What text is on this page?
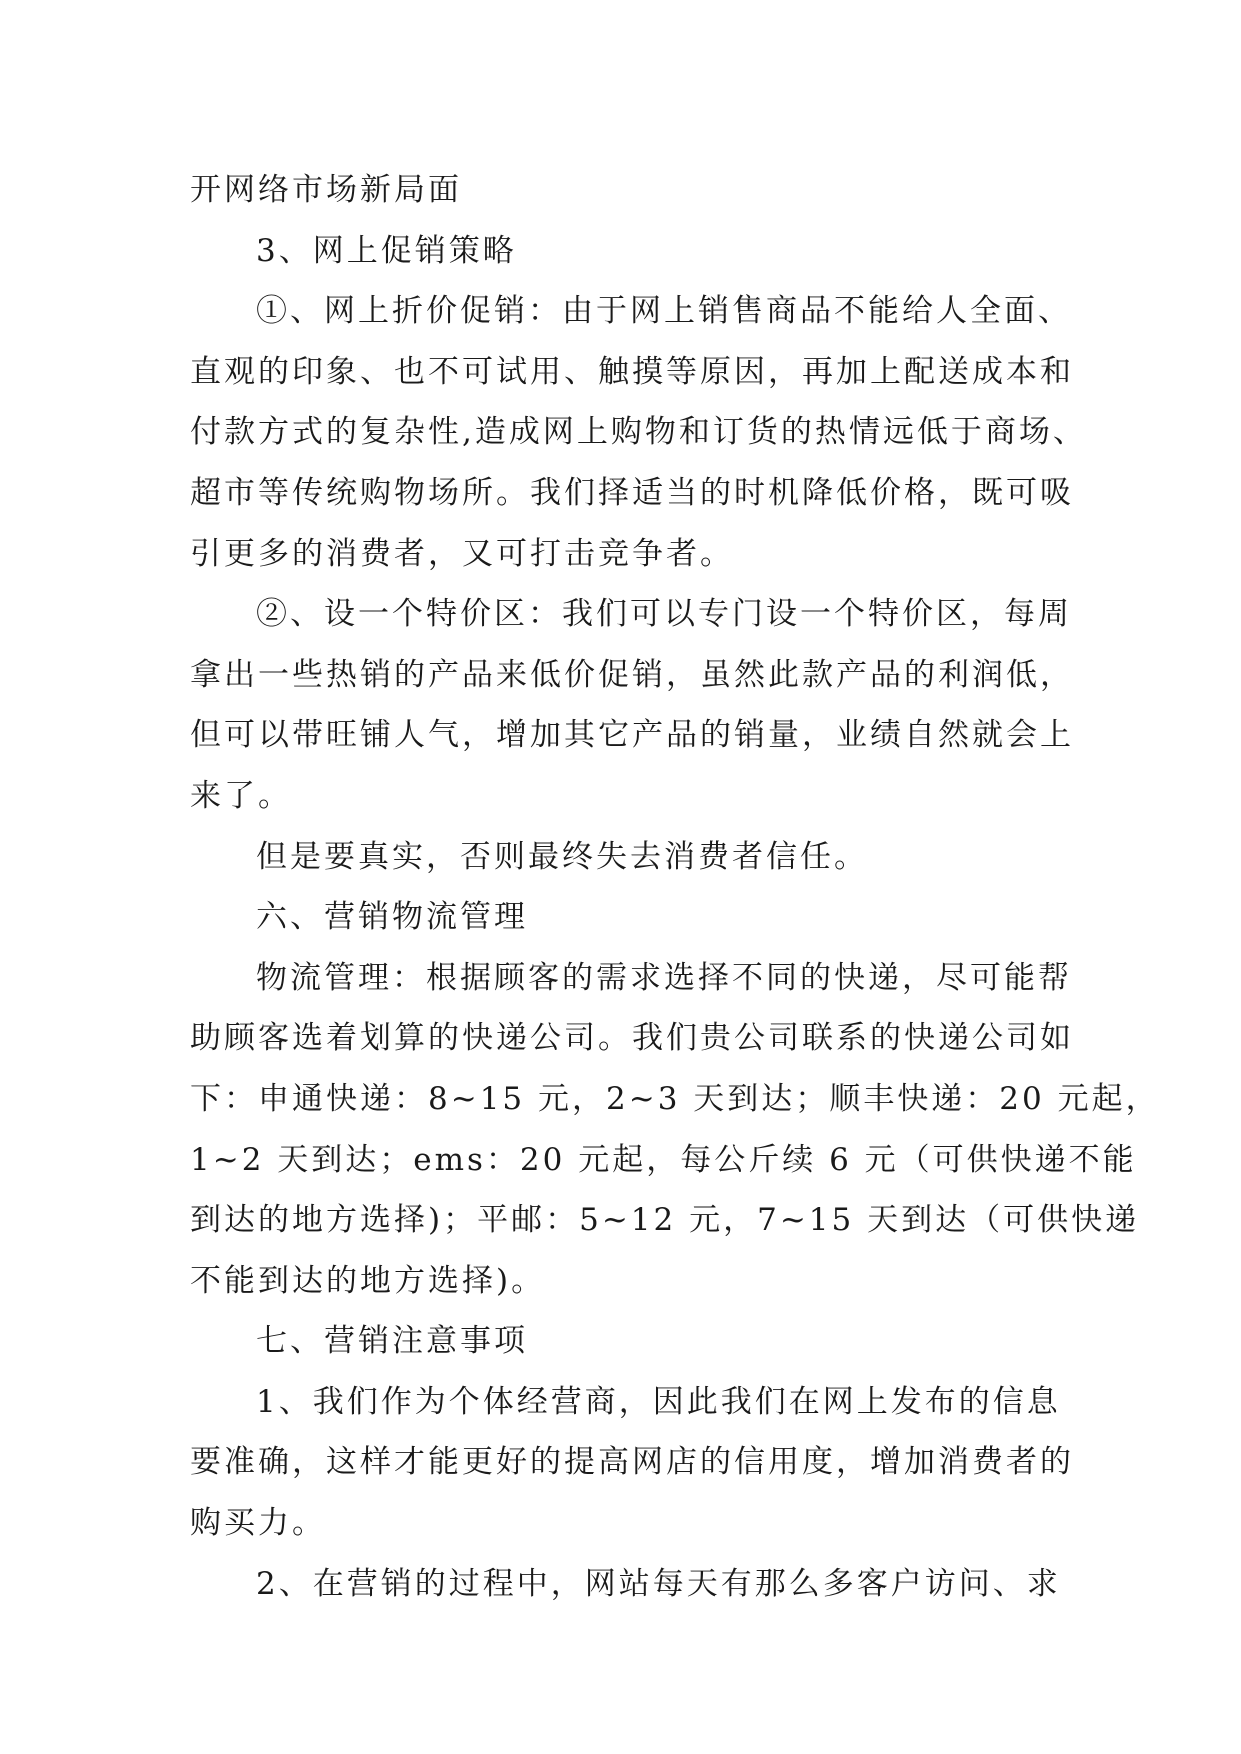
开网络市场新局面
3、网上促销策略
①、网上折价促销：由于网上销售商品不能给人全面、
直观的印象、也不可试用、触摸等原因，再加上配送成本和
付款方式的复杂性,造成网上购物和订货的热情远低于商场、
超市等传统购物场所。我们择适当的时机降低价格，既可吸
引更多的消费者，又可打击竞争者。
②、设一个特价区：我们可以专门设一个特价区，每周
拿出一些热销的产品来低价促销，虽然此款产品的利润低，
但可以带旺铺人气，增加其它产品的销量，业绩自然就会上
来了。
但是要真实，否则最终失去消费者信任。
六、营销物流管理
物流管理：根据顾客的需求选择不同的快递，尽可能帮
助顾客选着划算的快递公司。我们贵公司联系的快递公司如
下：申通快递：8~15 元，2~3 天到达；顺丰快递：20 元起，
1~2 天到达；ems：20 元起，每公斤续 6 元（可供快递不能
到达的地方选择)；平邮：5~12 元，7~15 天到达（可供快递
不能到达的地方选择)。
七、营销注意事项
1、我们作为个体经营商，因此我们在网上发布的信息
要准确，这样才能更好的提高网店的信用度，增加消费者的
购买力。
2、在营销的过程中，网站每天有那么多客户访问、求
